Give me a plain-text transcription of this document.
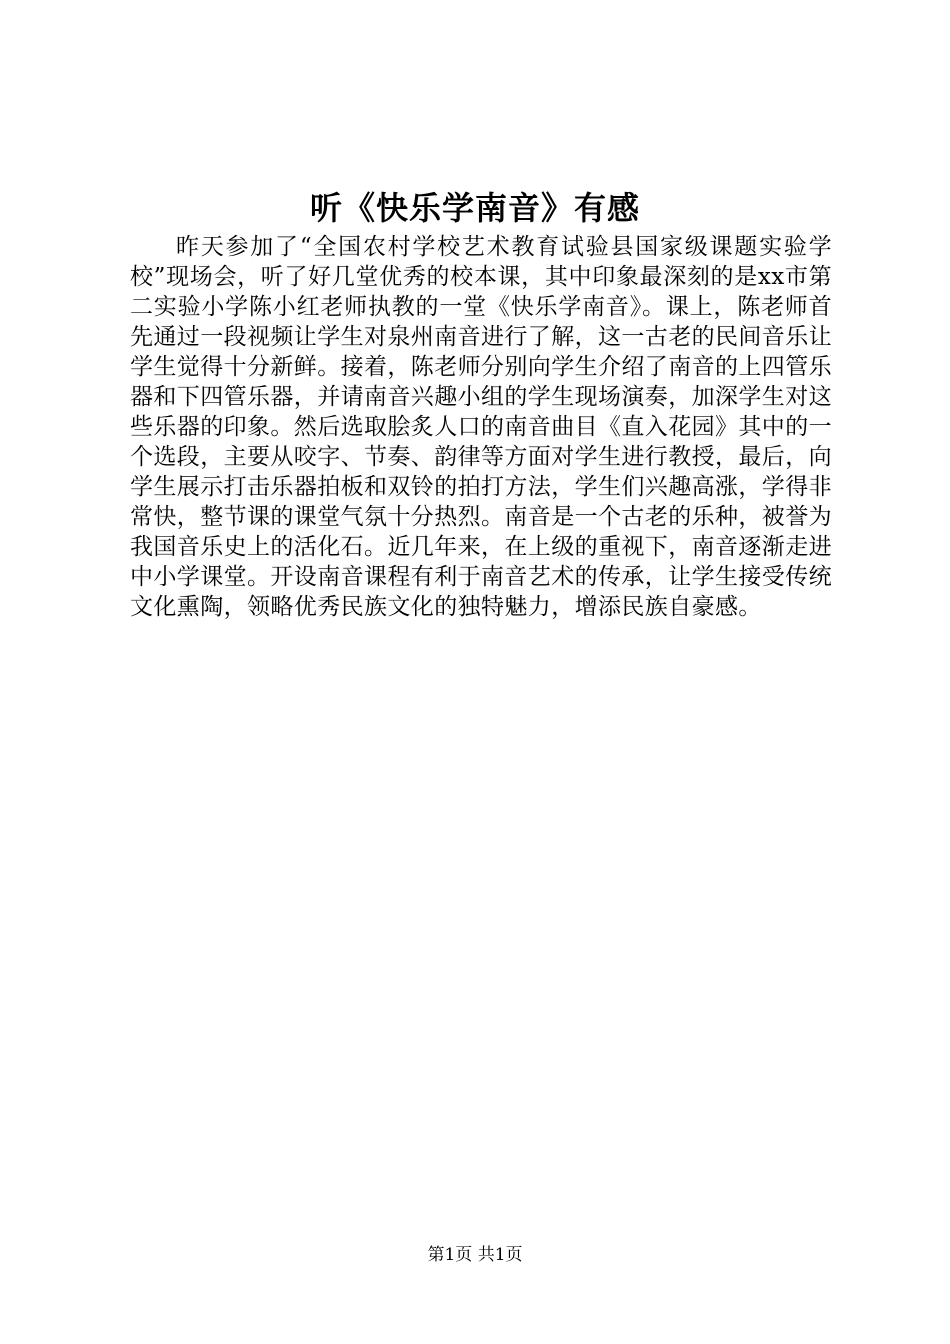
听《快乐学南音》有感
昨天参加了“全国农村学校艺术教育试验县国家级课题实验学校”现场会，听了好几堂优秀的校本课，其中印象最深刻的是xx市第二实验小学陈小红老师执教的一堂《快乐学南音》。课上，陈老师首先通过一段视频让学生对泉州南音进行了解，这一古老的民间音乐让学生觉得十分新鲜。接着，陈老师分别向学生介绍了南音的上四管乐器和下四管乐器，并请南音兴趣小组的学生现场演奏，加深学生对这些乐器的印象。然后选取脍炙人口的南音曲目《直入花园》其中的一个选段，主要从咬字、节奏、韵律等方面对学生进行教授，最后，向学生展示打击乐器拍板和双铃的拍打方法，学生们兴趣高涨，学得非常快，整节课的课堂气氛十分热烈。南音是一个古老的乐种，被誉为我国音乐史上的活化石。近几年来，在上级的重视下，南音逐渐走进中小学课堂。开设南音课程有利于南音艺术的传承，让学生接受传统文化熏陶，领略优秀民族文化的独特魅力，增添民族自豪感。
第1页 共1页
